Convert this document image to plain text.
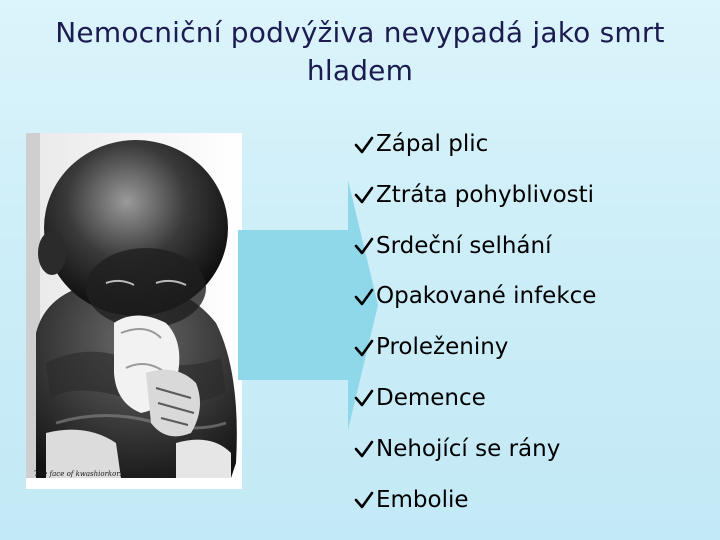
Nemocniční podvýživa nevypadá jako smrt hladem
The face of kwashiorkor.
Zápal plic
Ztráta pohyblivosti
Srdeční selhání
Opakované infekce
Proleženiny
Demence
Nehojící se rány
Embolie
